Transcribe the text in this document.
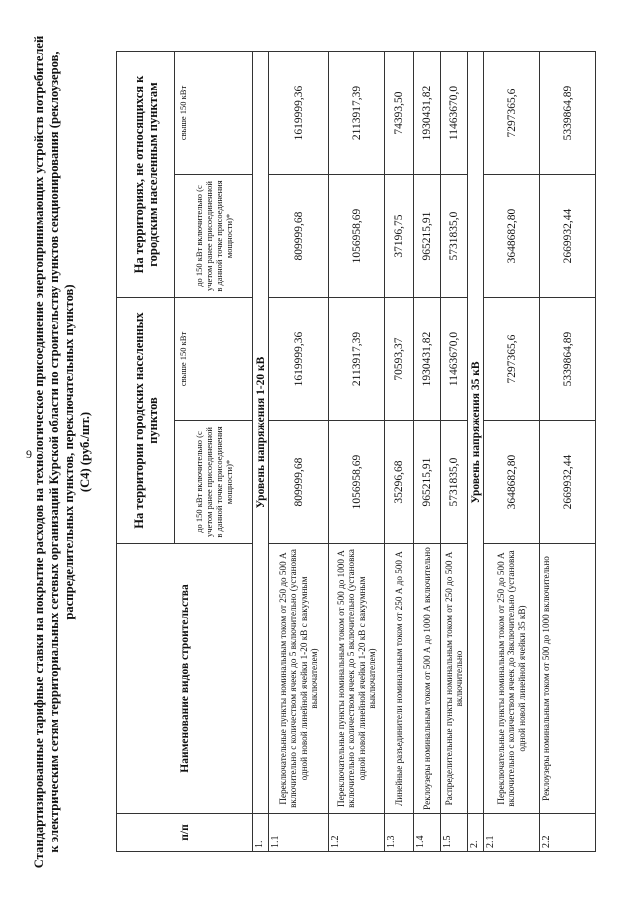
9 Стандартизированные тарифные ставки на покрытие расходов на технологическое присоединение энергопринимающих устройств потребителей к электрическим сетям территориальных сетевых организаций Курской области по строительству пунктов секционирования (реклоузеров, распределительных пунктов, переключательных пунктов) (С4) (руб./шт.)
п/п	Наименование видов строительства	На территории городских населенных пунктов		На территориях, не относящихся к городским населенным пунктам	
		до 150 кВт включительно (с учетом ранее присоединенной в данной точке присоединения мощности)*	свыше 150 кВт	до 150 кВт включительно (с учетом ранее присоединенной в данной точке присоединения мощности)*	свыше 150 кВт
1.	Уровень напряжения 1-20 кВ				
1.1	Переключательные пункты номинальным током от 250 до 500 А включительно с количеством ячеек до 5 включительно (установка одной новой линейной ячейки 1-20 кВ с вакуумным выключателем)	809999,68	1619999,36	809999,68	1619999,36
1.2	Переключательные пункты номинальным током от 500 до 1000 А включительно с количеством ячеек до 5 включительно (установка одной новой линейной ячейки 1-20 кВ с вакуумным выключателем)	1056958,69	2113917,39	1056958,69	2113917,39
1.3	Линейные разъединители номинальным током от 250 А до 500 А	35296,68	70593,37	37196,75	74393,50
1.4	Реклоузеры номинальным током от 500 А до 1000 А включительно	965215,91	1930431,82	965215,91	1930431,82
1.5	Распределительные пункты номинальным током от 250 до 500 А включительно	5731835,0	11463670,0	5731835,0	11463670,0
2.	Уровень напряжения 35 кВ				
2.1	Переключательные пункты номинальным током от 250 до 500 А включительно с количеством ячеек до 3включительно (установка одной новой линейной ячейки 35 кВ)	3648682,80	7297365,6	3648682,80	7297365,6
2.2	Реклоузеры номинальным током от 500 до 1000 включительно	2669932,44	5339864,89	2669932,44	5339864,89
